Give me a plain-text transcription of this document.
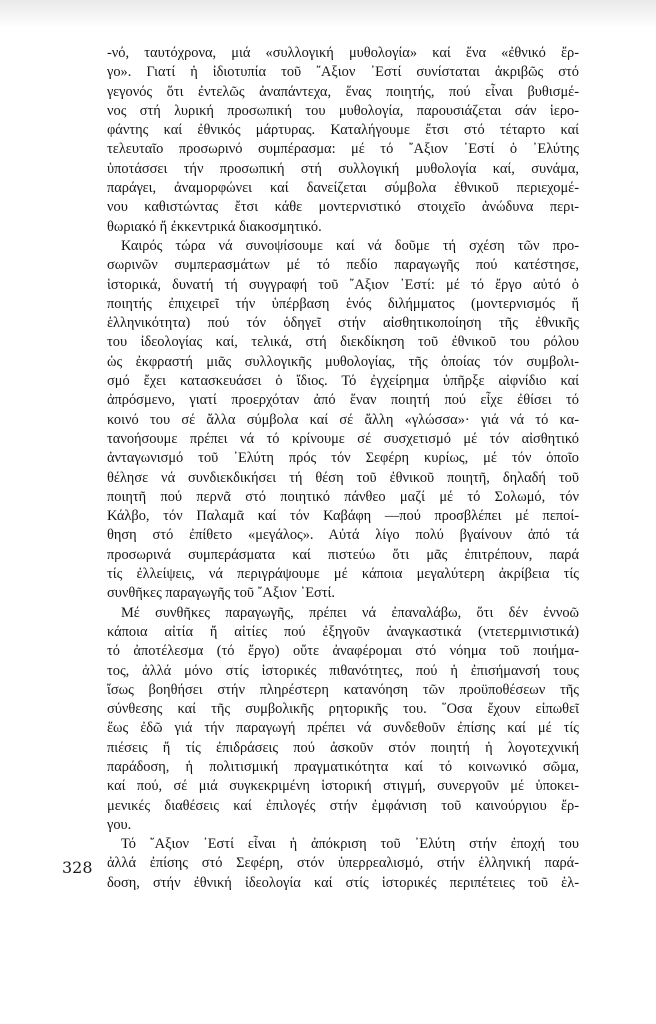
-νό, ταυτόχρονα, μιά «συλλογική μυθολογία» καί ἕνα «ἐθνικό ἔρ-
γο». Γιατί ἡ ἰδιοτυπία τοῦ ῎Αξιον ᾽Εστί συνίσταται ἀκριβῶς στό
γεγονός ὅτι ἐντελῶς ἀναπάντεχα, ἕνας ποιητής, πού εἶναι βυθισμέ-
νος στή λυρική προσωπική του μυθολογία, παρουσιάζεται σάν ἱερο-
φάντης καί ἐθνικός μάρτυρας. Καταλήγουμε ἔτσι στό τέταρτο καί
τελευταῖο προσωρινό συμπέρασμα: μέ τό ῎Αξιον ᾽Εστί ὁ ᾽Ελύτης
ὑποτάσσει τήν προσωπική στή συλλογική μυθολογία καί, συνάμα,
παράγει, ἀναμορφώνει καί δανείζεται σύμβολα ἐθνικοῦ περιεχομέ-
νου καθιστώντας ἔτσι κάθε μοντερνιστικό στοιχεῖο ἀνώδυνα περι-
θωριακό ἤ ἐκκεντρικά διακοσμητικό.
Καιρός τώρα νά συνοψίσουμε καί νά δοῦμε τή σχέση τῶν προ-
σωρινῶν συμπερασμάτων μέ τό πεδίο παραγωγῆς πού κατέστησε,
ἱστορικά, δυνατή τή συγγραφή τοῦ ῎Αξιον ᾽Εστί: μέ τό ἔργο αὐτό ὁ
ποιητής ἐπιχειρεῖ τήν ὑπέρβαση ἑνός διλήμματος (μοντερνισμός ἤ
ἑλληνικότητα) πού τόν ὁδηγεῖ στήν αἰσθητικοποίηση τῆς ἐθνικῆς
του ἰδεολογίας καί, τελικά, στή διεκδίκηση τοῦ ἐθνικοῦ του ρόλου
ὡς ἐκφραστή μιᾶς συλλογικῆς μυθολογίας, τῆς ὁποίας τόν συμβολι-
σμό ἔχει κατασκευάσει ὁ ἴδιος. Τό ἐγχείρημα ὑπῆρξε αἰφνίδιο καί
ἀπρόσμενο, γιατί προερχόταν ἀπό ἕναν ποιητή πού εἶχε ἐθίσει τό
κοινό του σέ ἄλλα σύμβολα καί σέ ἄλλη «γλώσσα»· γιά νά τό κα-
τανοήσουμε πρέπει νά τό κρίνουμε σέ συσχετισμό μέ τόν αἰσθητικό
ἀνταγωνισμό τοῦ ᾽Ελύτη πρός τόν Σεφέρη κυρίως, μέ τόν ὁποῖο
θέλησε νά συνδιεκδικήσει τή θέση τοῦ ἐθνικοῦ ποιητῆ, δηλαδή τοῦ
ποιητῆ πού περνᾶ στό ποιητικό πάνθεο μαζί μέ τό Σολωμό, τόν
Κάλβο, τόν Παλαμᾶ καί τόν Καβάφη —πού προσβλέπει μέ πεποί-
θηση στό ἐπίθετο «μεγάλος». Αὐτά λίγο πολύ βγαίνουν ἀπό τά
προσωρινά συμπεράσματα καί πιστεύω ὅτι μᾶς ἐπιτρέπουν, παρά
τίς ἐλλείψεις, νά περιγράψουμε μέ κάποια μεγαλύτερη ἀκρίβεια τίς
συνθῆκες παραγωγῆς τοῦ ῎Αξιον ᾽Εστί.
Μέ συνθῆκες παραγωγῆς, πρέπει νά ἐπαναλάβω, ὅτι δέν ἐννοῶ
κάποια αἰτία ἤ αἰτίες πού ἐξηγοῦν ἀναγκαστικά (ντετερμινιστικά)
τό ἀποτέλεσμα (τό ἔργο) οὔτε ἀναφέρομαι στό νόημα τοῦ ποιήμα-
τος, ἀλλά μόνο στίς ἱστορικές πιθανότητες, πού ἡ ἐπισήμανσή τους
ἴσως βοηθήσει στήν πληρέστερη κατανόηση τῶν προϋποθέσεων τῆς
σύνθεσης καί τῆς συμβολικῆς ρητορικῆς του. ῞Οσα ἔχουν εἰπωθεῖ
ἕως ἐδῶ γιά τήν παραγωγή πρέπει νά συνδεθοῦν ἐπίσης καί μέ τίς
πιέσεις ἤ τίς ἐπιδράσεις πού ἀσκοῦν στόν ποιητή ἡ λογοτεχνική
παράδοση, ἡ πολιτισμική πραγματικότητα καί τό κοινωνικό σῶμα,
καί πού, σέ μιά συγκεκριμένη ἱστορική στιγμή, συνεργοῦν μέ ὑποκει-
μενικές διαθέσεις καί ἐπιλογές στήν ἐμφάνιση τοῦ καινούργιου ἔρ-
γου.
Τό ῎Αξιον ᾽Εστί εἶναι ἡ ἀπόκριση τοῦ ᾽Ελύτη στήν ἐποχή του
ἀλλά ἐπίσης στό Σεφέρη, στόν ὑπερρεαλισμό, στήν ἑλληνική παρά-
δοση, στήν ἐθνική ἰδεολογία καί στίς ἱστορικές περιπέτειες τοῦ ἑλ-
328
